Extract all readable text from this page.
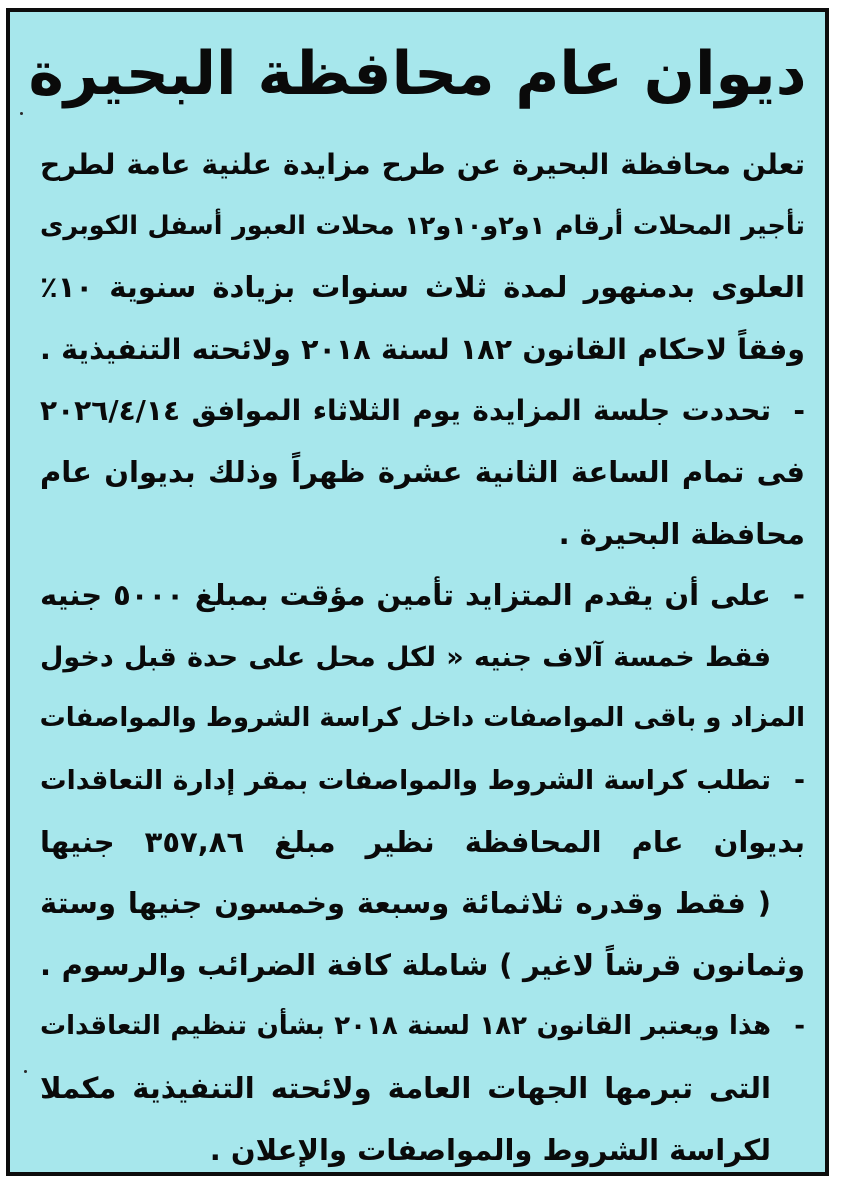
ديوان عام محافظة البحيرة
تعلن محافظة البحيرة عن طرح مزايدة علنية عامة لطرح
تأجير المحلات أرقام ١و٢و١٠و١٢ محلات العبور أسفل الكوبرى
العلوى بدمنهور لمدة ثلاث سنوات بزيادة سنوية ١٠٪
وفقاً لاحكام القانون ١٨٢ لسنة ٢٠١٨ ولائحته التنفيذية .
-تحددت جلسة المزايدة يوم الثلاثاء الموافق ٢٠٢٦/٤/١٤
فى تمام الساعة الثانية عشرة ظهراً وذلك بديوان عام
محافظة البحيرة .
-على أن يقدم المتزايد تأمين مؤقت بمبلغ ٥٠٠٠ جنيه
فقط خمسة آلاف جنيه « لكل محل على حدة قبل دخول
المزاد و باقى المواصفات داخل كراسة الشروط والمواصفات
-تطلب كراسة الشروط والمواصفات بمقر إدارة التعاقدات
بديوان عام المحافظة نظير مبلغ ٣٥٧,٨٦ جنيها
( فقط وقدره ثلاثمائة وسبعة وخمسون جنيها وستة
وثمانون قرشاً لاغير ) شاملة كافة الضرائب والرسوم .
-هذا ويعتبر القانون ١٨٢ لسنة ٢٠١٨ بشأن تنظيم التعاقدات
التى تبرمها الجهات العامة ولائحته التنفيذية مكملا
لكراسة الشروط والمواصفات والإعلان .
